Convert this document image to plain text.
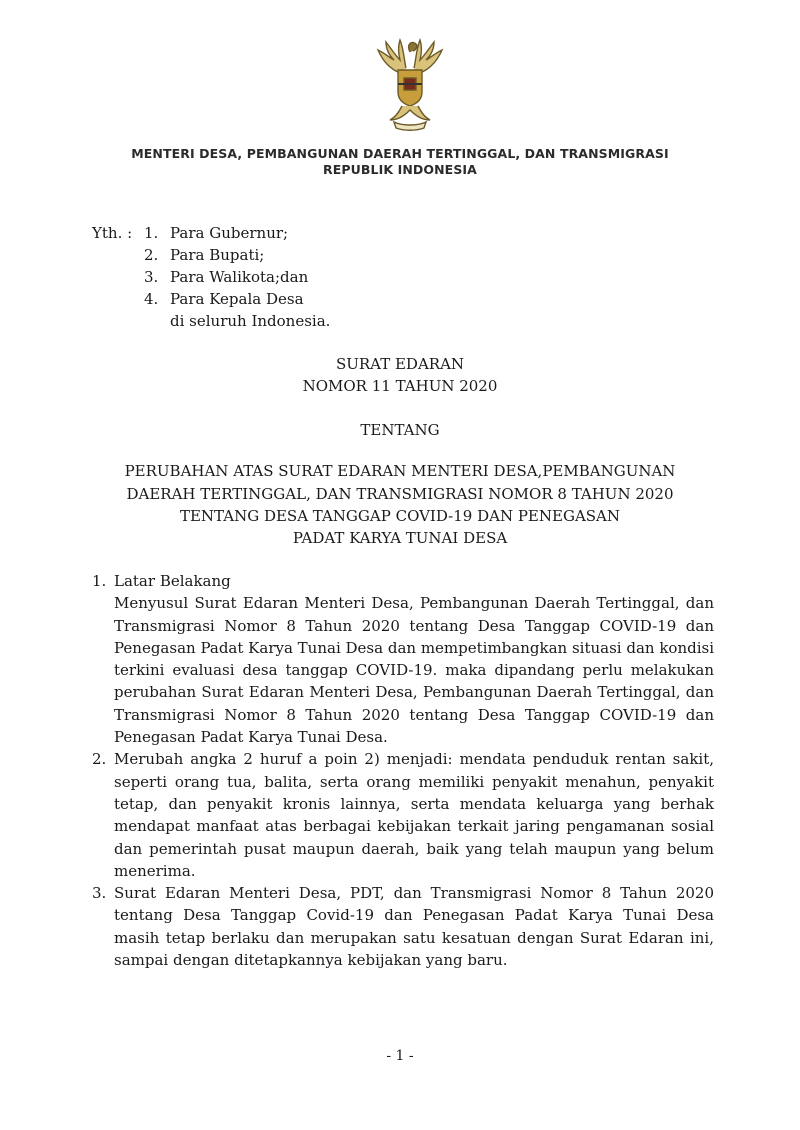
MENTERI DESA, PEMBANGUNAN DAERAH TERTINGGAL, DAN TRANSMIGRASI
REPUBLIK INDONESIA
Yth. : 1. Para Gubernur;
2. Para Bupati;
3. Para Walikota;dan
4. Para Kepala Desa
di seluruh Indonesia.
SURAT EDARAN
NOMOR 11 TAHUN 2020
TENTANG
PERUBAHAN ATAS SURAT EDARAN MENTERI DESA,PEMBANGUNAN
DAERAH TERTINGGAL, DAN TRANSMIGRASI NOMOR 8 TAHUN 2020
TENTANG DESA TANGGAP COVID-19 DAN PENEGASAN
PADAT KARYA TUNAI DESA
1. Latar Belakang

Menyusul Surat Edaran Menteri Desa, Pembangunan Daerah Tertinggal, dan Transmigrasi Nomor 8 Tahun 2020 tentang Desa Tanggap COVID-19 dan Penegasan Padat Karya Tunai Desa dan mempetimbangkan situasi dan kondisi terkini evaluasi desa tanggap COVID-19. maka dipandang perlu melakukan perubahan Surat Edaran Menteri Desa, Pembangunan Daerah Tertinggal, dan Transmigrasi Nomor 8 Tahun 2020 tentang Desa Tanggap COVID-19 dan Penegasan Padat Karya Tunai Desa.

2. Merubah angka 2 huruf a poin 2) menjadi: mendata penduduk rentan sakit, seperti orang tua, balita, serta orang memiliki penyakit menahun, penyakit tetap, dan penyakit kronis lainnya, serta mendata keluarga yang berhak mendapat manfaat atas berbagai kebijakan terkait jaring pengamanan sosial dan pemerintah pusat maupun daerah, baik yang telah maupun yang belum menerima.

3. Surat Edaran Menteri Desa, PDT, dan Transmigrasi Nomor 8 Tahun 2020 tentang Desa Tanggap Covid-19 dan Penegasan Padat Karya Tunai Desa masih tetap berlaku dan merupakan satu kesatuan dengan Surat Edaran ini, sampai dengan ditetapkannya kebijakan yang baru.

- 1 -
